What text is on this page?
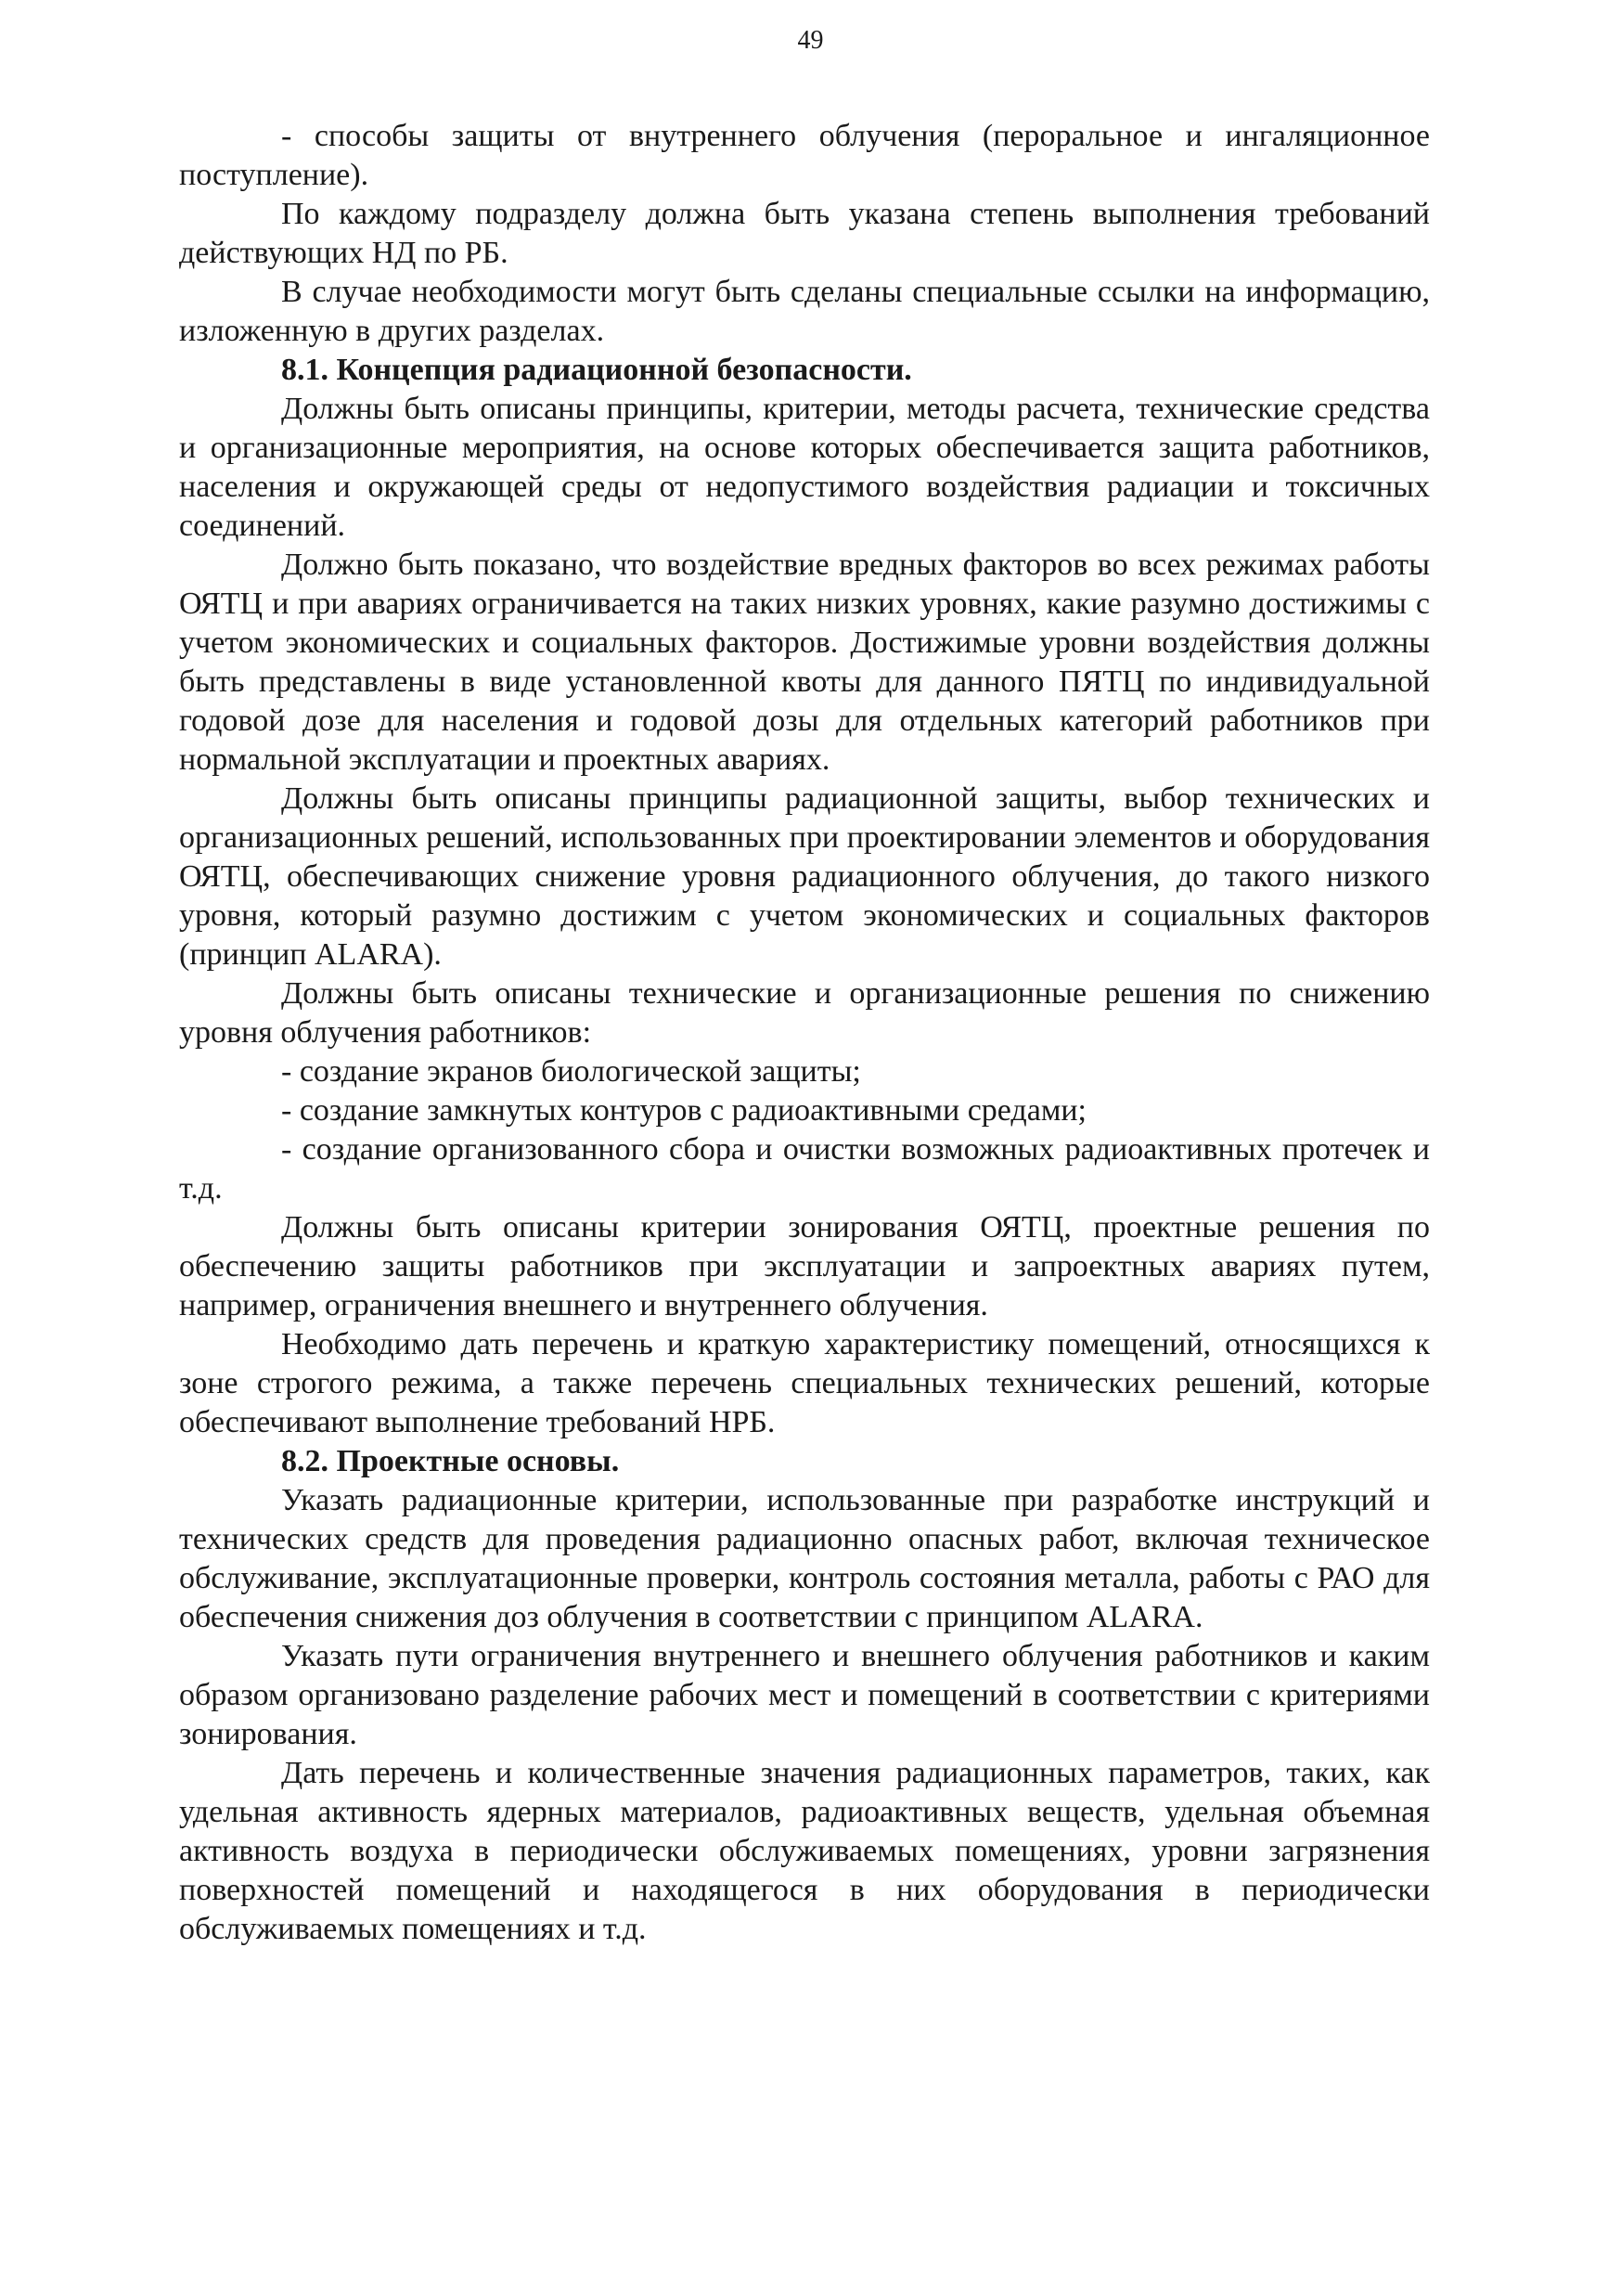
49

- способы защиты от внутреннего облучения (пероральное и ингаляционное поступление).

По каждому подразделу должна быть указана степень выполнения требований действующих НД по РБ.

В случае необходимости могут быть сделаны специальные ссылки на информацию, изложенную в других разделах.

8.1. Концепция радиационной безопасности.

Должны быть описаны принципы, критерии, методы расчета, технические средства и организационные мероприятия, на основе которых обеспечивается защита работников, населения и окружающей среды от недопустимого воздействия радиации и токсичных соединений.

Должно быть показано, что воздействие вредных факторов во всех режимах работы ОЯТЦ и при авариях ограничивается на таких низких уровнях, какие разумно достижимы с учетом экономических и социальных факторов. Достижимые уровни воздействия должны быть представлены в виде установленной квоты для данного ПЯТЦ по индивидуальной годовой дозе для населения и годовой дозы для отдельных категорий работников при нормальной эксплуатации и проектных авариях.

Должны быть описаны принципы радиационной защиты, выбор технических и организационных решений, использованных при проектировании элементов и оборудования ОЯТЦ, обеспечивающих снижение уровня радиационного облучения, до такого низкого уровня, который разумно достижим с учетом экономических и социальных факторов (принцип ALARA).

Должны быть описаны технические и организационные решения по снижению уровня облучения работников:

- создание экранов биологической защиты;

- создание замкнутых контуров с радиоактивными средами;

- создание организованного сбора и очистки возможных радиоактивных протечек и т.д.

Должны быть описаны критерии зонирования ОЯТЦ, проектные решения по обеспечению защиты работников при эксплуатации и запроектных авариях путем, например, ограничения внешнего и внутреннего облучения.

Необходимо дать перечень и краткую характеристику помещений, относящихся к зоне строгого режима, а также перечень специальных технических решений, которые обеспечивают выполнение требований НРБ.

8.2. Проектные основы.

Указать радиационные критерии, использованные при разработке инструкций и технических средств для проведения радиационно опасных работ, включая техническое обслуживание, эксплуатационные проверки, контроль состояния металла, работы с РАО для обеспечения снижения доз облучения в соответствии с принципом ALARA.

Указать пути ограничения внутреннего и внешнего облучения работников и каким образом организовано разделение рабочих мест и помещений в соответствии с критериями зонирования.

Дать перечень и количественные значения радиационных параметров, таких, как удельная активность ядерных материалов, радиоактивных веществ, удельная объемная активность воздуха в периодически обслуживаемых помещениях, уровни загрязнения поверхностей помещений и находящегося в них оборудования в периодически обслуживаемых помещениях и т.д.
